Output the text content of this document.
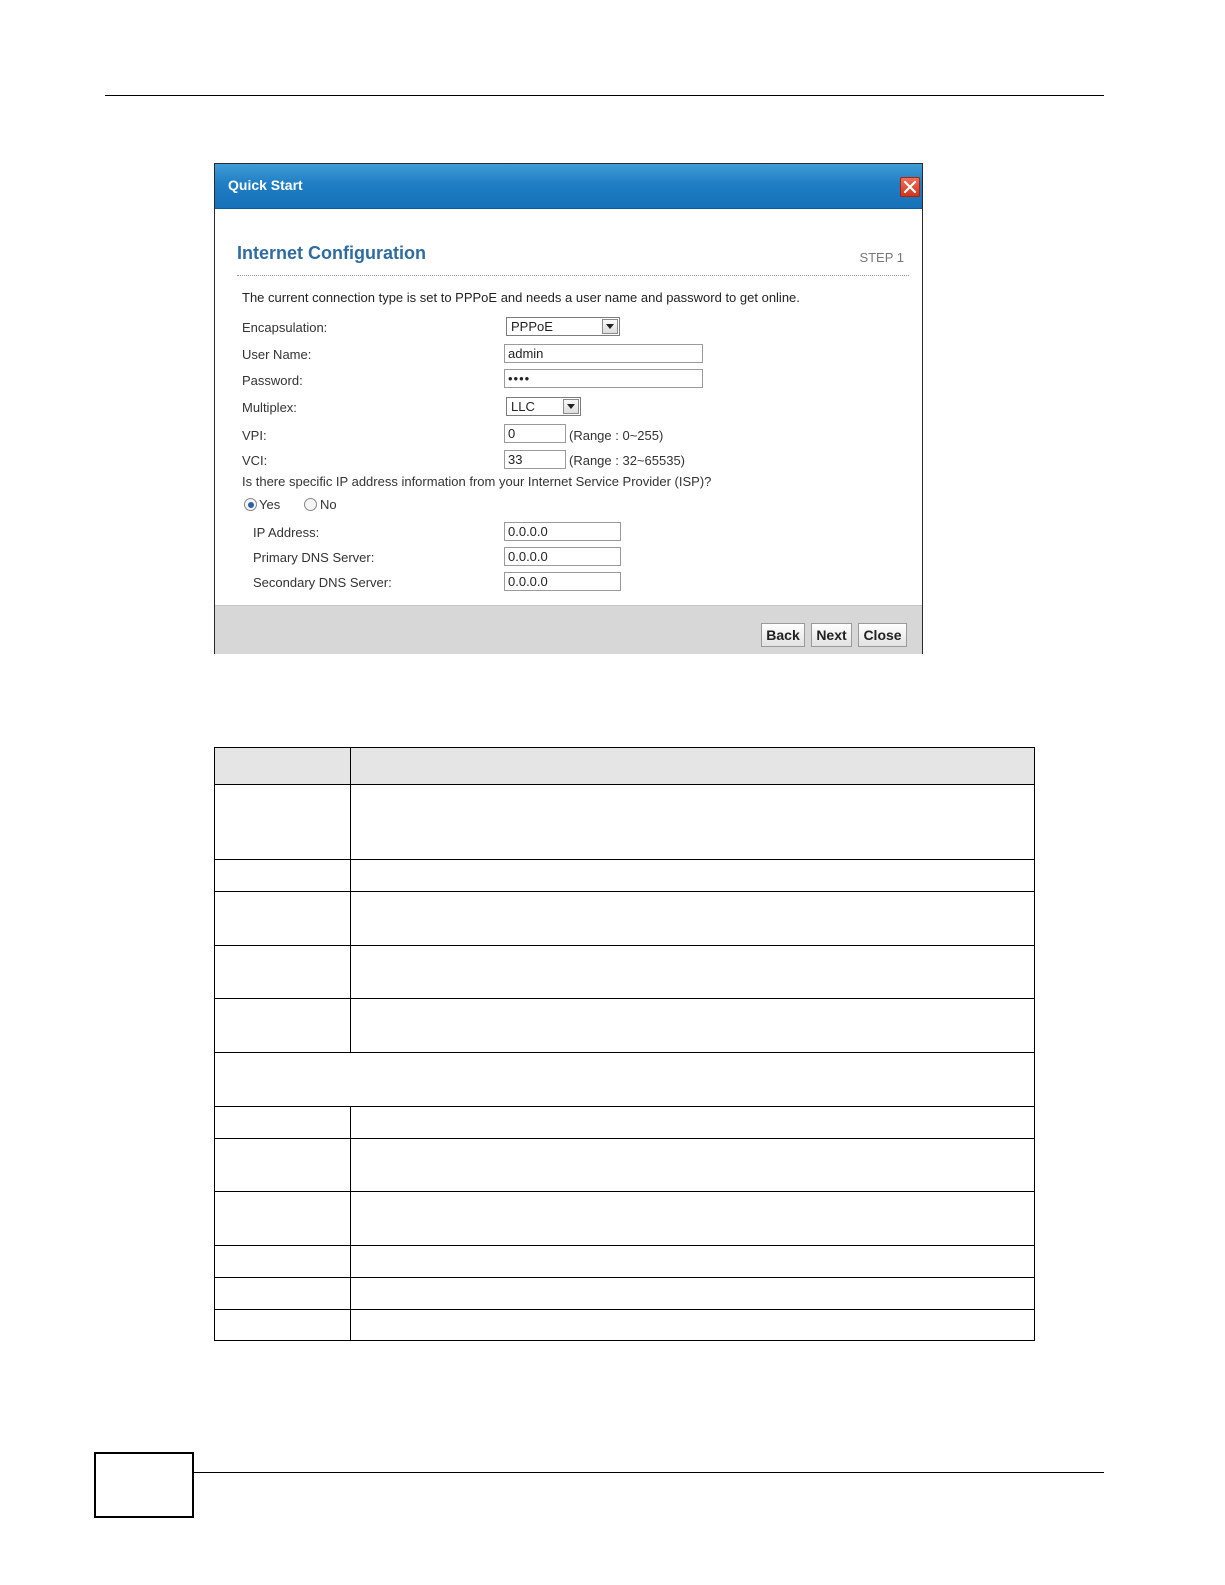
Quick Start
Internet Configuration	STEP 1
The current connection type is set to PPPoE and needs a user name and password to get online.
Encapsulation:	PPPoE
User Name:
admin
Password:
••••
Multiplex:	LLC
VPI:
0	(Range : 0~255)
VCI:
33	(Range : 32~65535)
Is there specific IP address information from your Internet Service Provider (ISP)?
Yes	No
IP Address:
0.0.0.0
Primary DNS Server:
0.0.0.0
Secondary DNS Server:
0.0.0.0
Back	Next	Close
